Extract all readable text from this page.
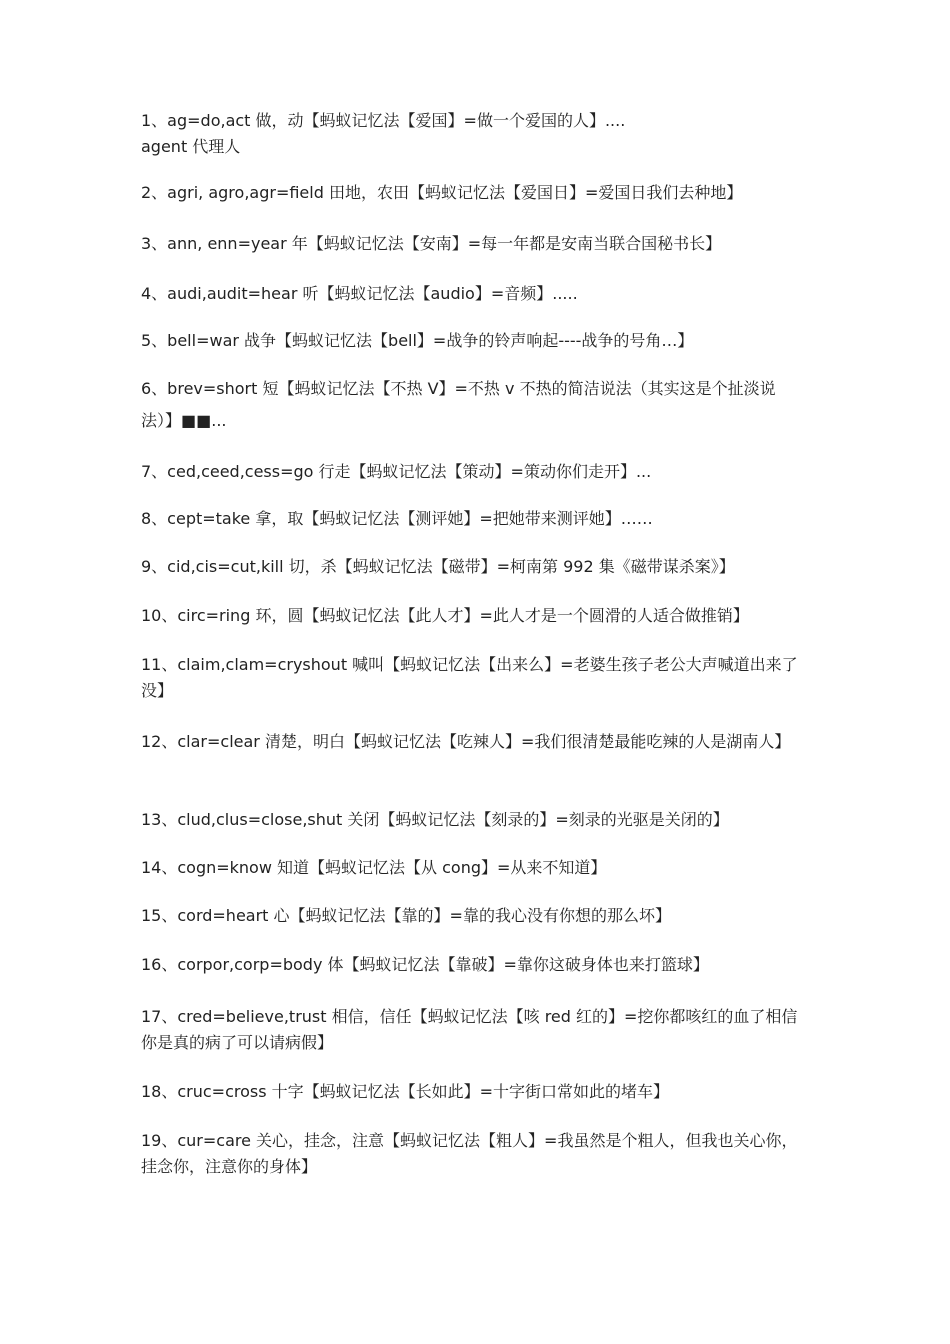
1、ag=do,act 做，动【蚂蚁记忆法【爱国】=做一个爱国的人】....
agent 代理人
2、agri, agro,agr=field 田地，农田【蚂蚁记忆法【爱国日】=爱国日我们去种地】
3、ann, enn=year 年【蚂蚁记忆法【安南】=每一年都是安南当联合国秘书长】
4、audi,audit=hear 听【蚂蚁记忆法【audio】=音频】.....
5、bell=war 战争【蚂蚁记忆法【bell】=战争的铃声响起----战争的号角…】
6、brev=short 短【蚂蚁记忆法【不热 V】=不热 v 不热的简洁说法（其实这是个扯淡说法）】■■...
7、ced,ceed,cess=go 行走【蚂蚁记忆法【策动】=策动你们走开】...
8、cept=take 拿，取【蚂蚁记忆法【测评她】=把她带来测评她】……
9、cid,cis=cut,kill 切，杀【蚂蚁记忆法【磁带】=柯南第 992 集《磁带谋杀案》】
10、circ=ring 环，圆【蚂蚁记忆法【此人才】=此人才是一个圆滑的人适合做推销】
11、claim,clam=cryshout 喊叫【蚂蚁记忆法【出来么】=老婆生孩子老公大声喊道出来了没】
12、clar=clear 清楚，明白【蚂蚁记忆法【吃辣人】=我们很清楚最能吃辣的人是湖南人】
13、clud,clus=close,shut 关闭【蚂蚁记忆法【刻录的】=刻录的光驱是关闭的】
14、cogn=know 知道【蚂蚁记忆法【从 cong】=从来不知道】
15、cord=heart 心【蚂蚁记忆法【靠的】=靠的我心没有你想的那么坏】
16、corpor,corp=body 体【蚂蚁记忆法【靠破】=靠你这破身体也来打篮球】
17、cred=believe,trust 相信，信任【蚂蚁记忆法【咳 red 红的】=挖你都咳红的血了相信你是真的病了可以请病假】
18、cruc=cross 十字【蚂蚁记忆法【长如此】=十字街口常如此的堵车】
19、cur=care 关心，挂念，注意【蚂蚁记忆法【粗人】=我虽然是个粗人，但我也关心你，挂念你，注意你的身体】
